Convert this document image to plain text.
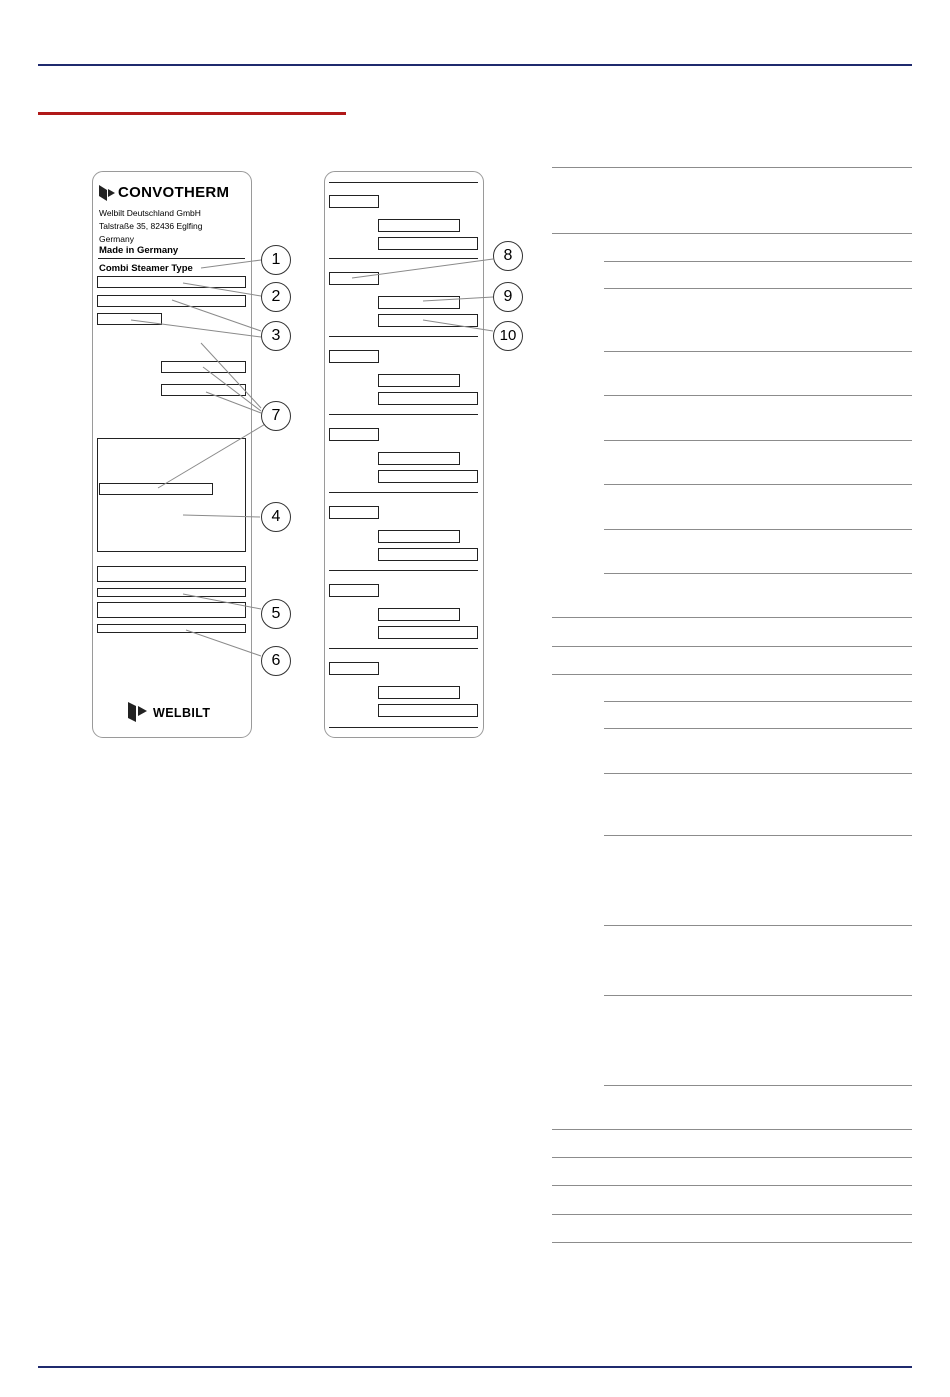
CONVOTHERM
Welbilt Deutschland GmbH
Talstraße 35, 82436 Eglfing
Germany
Made in Germany
Combi Steamer Type
WELBILT
1
2
3
4
5
6
7
8
9
10
